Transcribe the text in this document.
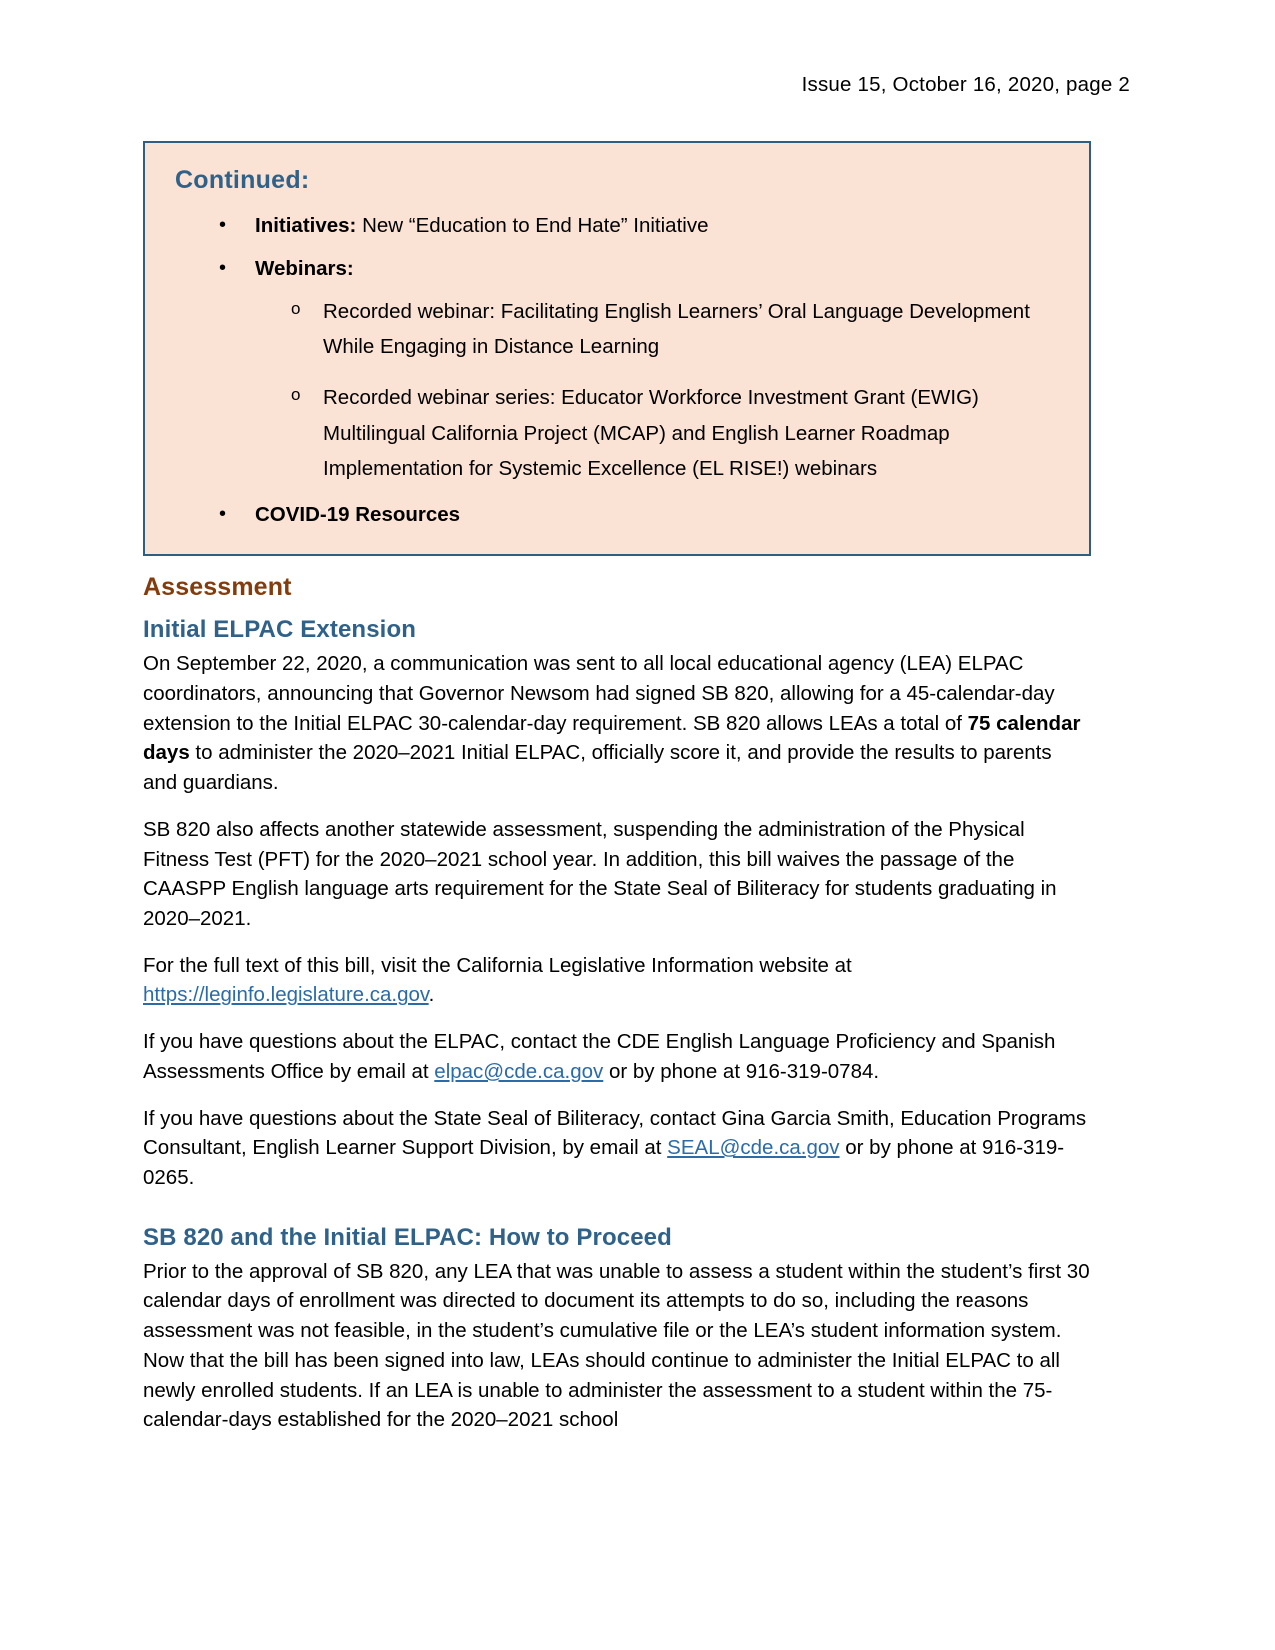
Issue 15, October 16, 2020, page 2
Continued:
• Initiatives: New “Education to End Hate” Initiative
• Webinars:
o Recorded webinar: Facilitating English Learners’ Oral Language Development While Engaging in Distance Learning
o Recorded webinar series: Educator Workforce Investment Grant (EWIG) Multilingual California Project (MCAP) and English Learner Roadmap Implementation for Systemic Excellence (EL RISE!) webinars
• COVID-19 Resources
Assessment
Initial ELPAC Extension

On September 22, 2020, a communication was sent to all local educational agency (LEA) ELPAC coordinators, announcing that Governor Newsom had signed SB 820, allowing for a 45-calendar-day extension to the Initial ELPAC 30-calendar-day requirement. SB 820 allows LEAs a total of 75 calendar days to administer the 2020–2021 Initial ELPAC, officially score it, and provide the results to parents and guardians.

SB 820 also affects another statewide assessment, suspending the administration of the Physical Fitness Test (PFT) for the 2020–2021 school year. In addition, this bill waives the passage of the CAASPP English language arts requirement for the State Seal of Biliteracy for students graduating in 2020–2021.

For the full text of this bill, visit the California Legislative Information website at https://leginfo.legislature.ca.gov.

If you have questions about the ELPAC, contact the CDE English Language Proficiency and Spanish Assessments Office by email at elpac@cde.ca.gov or by phone at 916-319-0784.

If you have questions about the State Seal of Biliteracy, contact Gina Garcia Smith, Education Programs Consultant, English Learner Support Division, by email at SEAL@cde.ca.gov or by phone at 916-319-0265.

SB 820 and the Initial ELPAC: How to Proceed

Prior to the approval of SB 820, any LEA that was unable to assess a student within the student’s first 30 calendar days of enrollment was directed to document its attempts to do so, including the reasons assessment was not feasible, in the student’s cumulative file or the LEA’s student information system. Now that the bill has been signed into law, LEAs should continue to administer the Initial ELPAC to all newly enrolled students. If an LEA is unable to administer the assessment to a student within the 75-calendar-days established for the 2020–2021 school
